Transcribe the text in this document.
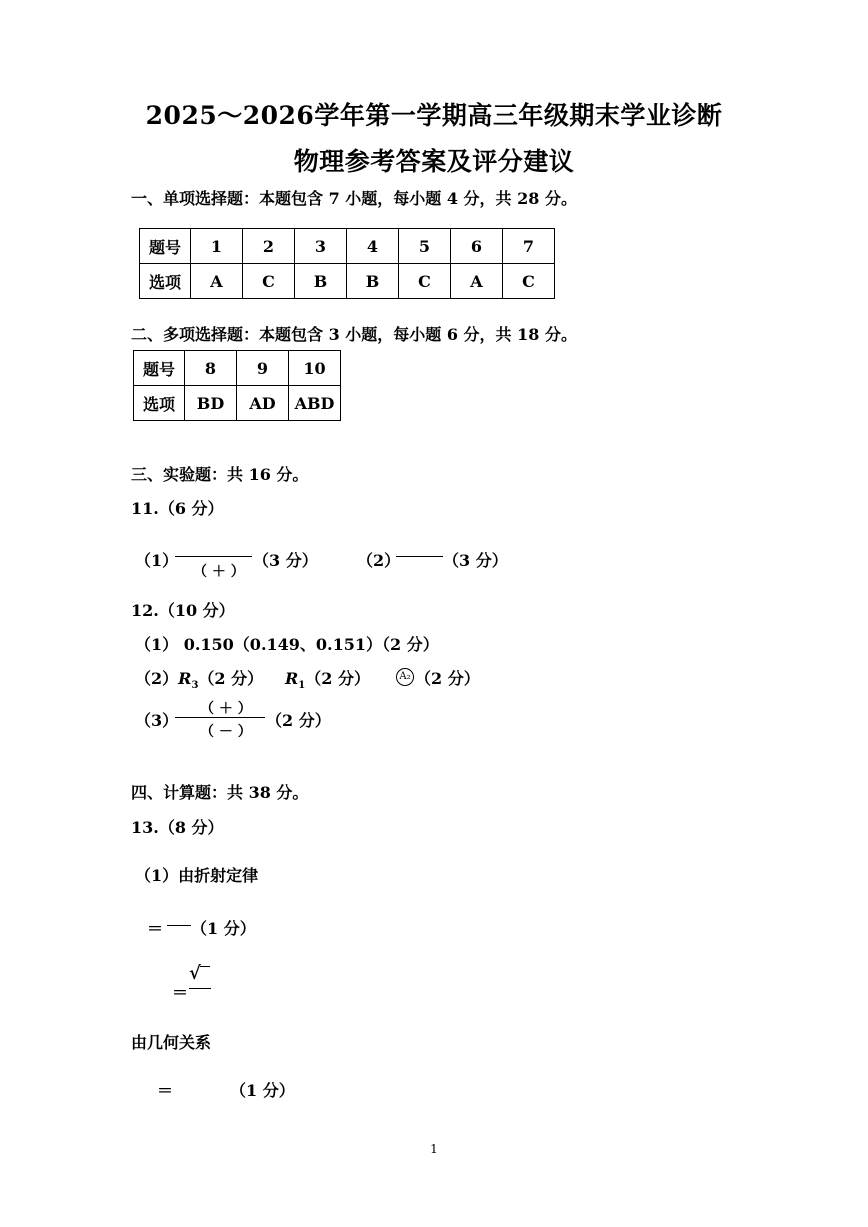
2025～2026学年第一学期高三年级期末学业诊断
物理参考答案及评分建议
一、单项选择题：本题包含 7 小题，每小题 4 分，共 28 分。
题号	1	2	3	4	5	6	7
选项	A	C	B	B	C	A	C
二、多项选择题：本题包含 3 小题，每小题 6 分，共 18 分。
题号	8	9	10
选项	BD	AD	ABD
三、实验题：共 16 分。
11.（6 分）
（1）
（ ＋ ）
（3 分） （2）	（3 分）
12.（10 分）
（1） 0.150（0.149、0.151）（2 分）
$(2)R_3(2$ 分） $R_1(2$ 分）	A₂ （2 分）
（3）
（ ＋ ）
（ － ）
（2 分）
四、计算题：共 38 分。
13.（8 分）
（1）由折射定律
＝ （1 分）
＝
√
由几何关系
＝	（1 分）
1
